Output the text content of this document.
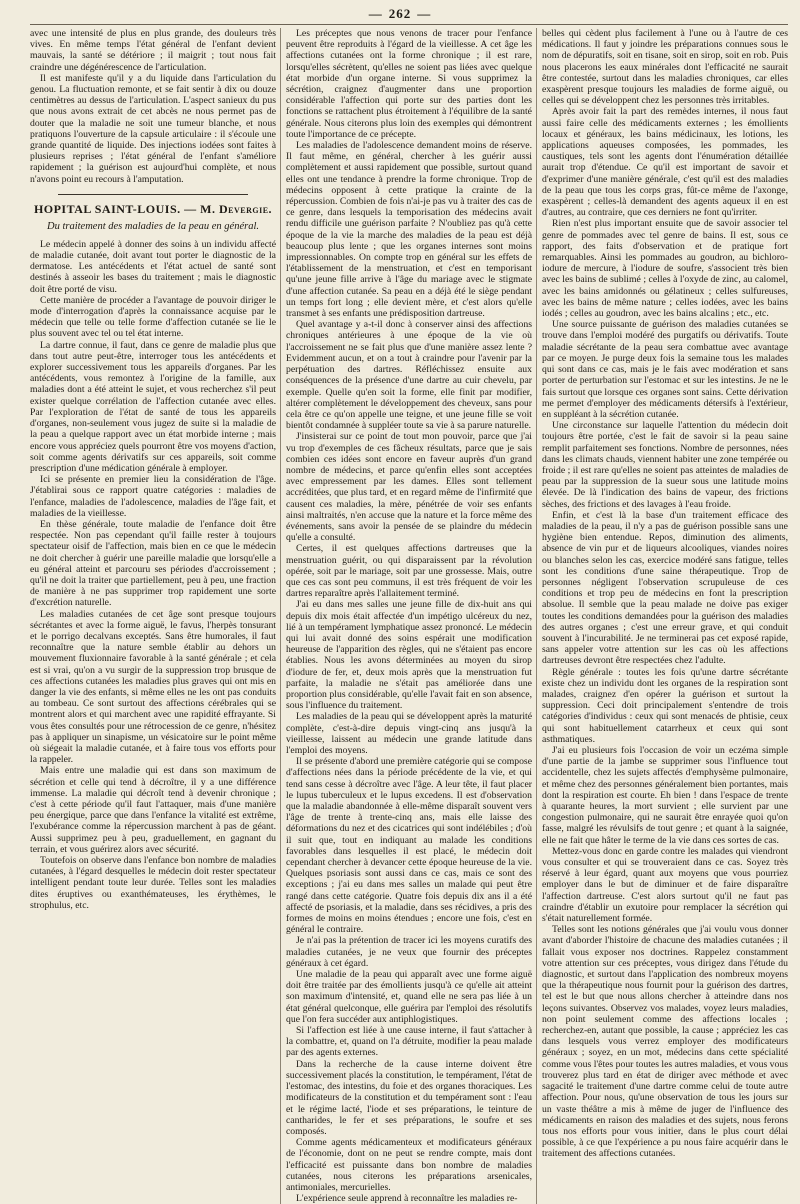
— 262 —

avec une intensité de plus en plus grande, des douleurs très vives. En même temps l'état général de l'enfant devient mauvais, la santé se détériore ; il maigrit ; tout nous fait craindre une dégénérescence de l'articulation.

Il est manifeste qu'il y a du liquide dans l'articulation du genou. La fluctuation remonte, et se fait sentir à dix ou douze centimètres au dessus de l'articulation. L'aspect sanieux du pus que nous avons extrait de cet abcès ne nous permet pas de douter que la maladie ne soit une tumeur blanche, et nous pratiquons l'ouverture de la capsule articulaire : il s'écoule une grande quantité de liquide. Des injections iodées sont faites à plusieurs reprises ; l'état général de l'enfant s'améliore rapidement ; la guérison est aujourd'hui complète, et nous n'avons point eu recours à l'amputation.

HOPITAL SAINT-LOUIS. — M. Devergie.
Du traitement des maladies de la peau en général.

Le médecin appelé à donner des soins à un individu affecté de maladie cutanée, doit avant tout porter le diagnostic de la dermatose. Les antécédents et l'état actuel de santé sont destinés à asseoir les bases du traitement ; mais le diagnostic doit être porté de visu.

Cette manière de procéder a l'avantage de pouvoir diriger le mode d'interrogation d'après la connaissance acquise par le médecin que telle ou telle forme d'affection cutanée se lie le plus souvent avec tel ou tel état interne.

La dartre connue, il faut, dans ce genre de maladie plus que dans tout autre peut-être, interroger tous les antécédents et explorer successivement tous les appareils d'organes. Par les antécédents, vous remontez à l'origine de la famille, aux maladies dont a été atteint le sujet, et vous recherchez s'il peut exister quelque corrélation de l'affection cutanée avec elles. Par l'exploration de l'état de santé de tous les appareils d'organes, non-seulement vous jugez de suite si la maladie de la peau a quelque rapport avec un état morbide interne ; mais encore vous appréciez quels pourront être vos moyens d'action, soit comme agents dérivatifs sur ces appareils, soit comme prescription d'une médication générale à employer.

Ici se présente en premier lieu la considération de l'âge. J'établirai sous ce rapport quatre catégories : maladies de l'enfance, maladies de l'adolescence, maladies de l'âge fait, et maladies de la vieillesse.

En thèse générale, toute maladie de l'enfance doit être respectée. Non pas cependant qu'il faille rester à toujours spectateur oisif de l'affection, mais bien en ce que le médecin ne doit chercher à guérir une pareille maladie que lorsqu'elle a eu général atteint et parcouru ses périodes d'accroissement ; qu'il ne doit la traiter que partiellement, peu à peu, une fraction de manière à ne pas supprimer trop rapidement une sorte d'excrétion naturelle.

Les maladies cutanées de cet âge sont presque toujours sécrétantes et avec la forme aiguë, le favus, l'herpès tonsurant et le porrigo decalvans exceptés. Sans être humorales, il faut reconnaître que la nature semble établir au dehors un mouvement fluxionnaire favorable à la santé générale ; et cela est si vrai, qu'on a vu surgir de la suppression trop brusque de ces affections cutanées les maladies plus graves qui ont mis en danger la vie des enfants, si même elles ne les ont pas conduits au tombeau. Ce sont surtout des affections cérébrales qui se montrent alors et qui marchent avec une rapidité effrayante. Si vous êtes consultés pour une rétrocession de ce genre, n'hésitez pas à appliquer un sinapisme, un vésicatoire sur le point même où siégeait la maladie cutanée, et à faire tous vos efforts pour la rappeler.

Mais entre une maladie qui est dans son maximum de sécrétion et celle qui tend à décroître, il y a une différence immense. La maladie qui décroît tend à devenir chronique ; c'est à cette période qu'il faut l'attaquer, mais d'une manière peu énergique, parce que dans l'enfance la vitalité est extrême, l'exubérance comme la répercussion marchent à pas de géant. Aussi supprimez peu à peu, graduellement, en gagnant du terrain, et vous guérirez alors avec sécurité.

Toutefois on observe dans l'enfance bon nombre de maladies cutanées, à l'égard desquelles le médecin doit rester spectateur intelligent pendant toute leur durée. Telles sont les maladies dites éruptives ou exanthémateuses, les érythèmes, le strophulus, etc.

Les préceptes que nous venons de tracer pour l'enfance peuvent être reproduits à l'égard de la vieillesse. A cet âge les affections cutanées ont la forme chronique ; il est rare, lorsqu'elles sécrètent, qu'elles ne soient pas liées avec quelque état morbide d'un organe interne. Si vous supprimez la sécrétion, craignez d'augmenter dans une proportion considérable l'affection qui porte sur des parties dont les fonctions se rattachent plus étroitement à l'équilibre de la santé générale. Nous citerons plus loin des exemples qui démontrent toute l'importance de ce précepte.

Les maladies de l'adolescence demandent moins de réserve. Il faut même, en général, chercher à les guérir aussi complètement et aussi rapidement que possible, surtout quand elles ont une tendance à prendre la forme chronique. Trop de médecins opposent à cette pratique la crainte de la répercussion. Combien de fois n'ai-je pas vu à traiter des cas de ce genre, dans lesquels la temporisation des médecins avait rendu difficile une guérison parfaite ? N'oubliez pas qu'à cette époque de la vie la marche des maladies de la peau est déjà beaucoup plus lente ; que les organes internes sont moins impressionnables. On compte trop en général sur les effets de l'établissement de la menstruation, et c'est en temporisant qu'une jeune fille arrive à l'âge du mariage avec le stigmate d'une affection cutanée. Sa peau en a déjà été le siège pendant un temps fort long ; elle devient mère, et c'est alors qu'elle transmet à ses enfants une prédisposition dartreuse.

Quel avantage y a-t-il donc à conserver ainsi des affections chroniques antérieures à une époque de la vie où l'accroissement ne se fait plus que d'une manière assez lente ? Evidemment aucun, et on a tout à craindre pour l'avenir par la perpétuation des dartres. Réfléchissez ensuite aux conséquences de la présence d'une dartre au cuir chevelu, par exemple. Quelle qu'en soit la forme, elle finit par modifier, altérer complètement le développement des cheveux, sans pour cela être ce qu'on appelle une teigne, et une jeune fille se voit bientôt condamnée à suppléer toute sa vie à sa parure naturelle.

J'insisterai sur ce point de tout mon pouvoir, parce que j'ai vu trop d'exemples de ces fâcheux résultats, parce que je sais combien ces idées sont encore en faveur auprès d'un grand nombre de médecins, et parce qu'enfin elles sont acceptées avec empressement par les dames. Elles sont tellement accréditées, que plus tard, et en regard même de l'infirmité que causent ces maladies, la mère, pénétrée de voir ses enfants ainsi maltraités, n'en accuse que la nature et la force même des événements, sans avoir la pensée de se plaindre du médecin qu'elle a consulté.

Certes, il est quelques affections dartreuses que la menstruation guérit, ou qui disparaissent par la révolution opérée, soit par le mariage, soit par une grossesse. Mais, outre que ces cas sont peu communs, il est très fréquent de voir les dartres reparaître après l'allaitement terminé.

J'ai eu dans mes salles une jeune fille de dix-huit ans qui depuis dix mois était affectée d'un impétigo ulcéreux du nez, lié à un tempérament lymphatique assez prononcé. Le médecin qui lui avait donné des soins espérait une modification heureuse de l'apparition des règles, qui ne s'étaient pas encore établies. Nous les avons déterminées au moyen du sirop d'iodure de fer, et, deux mois après que la menstruation fut parfaite, la maladie ne s'était pas améliorée dans une proportion plus considérable, qu'elle l'avait fait en son absence, sous l'influence du traitement.

Les maladies de la peau qui se développent après la maturité complète, c'est-à-dire depuis vingt-cinq ans jusqu'à la vieillesse, laissent au médecin une grande latitude dans l'emploi des moyens.

Il se présente d'abord une première catégorie qui se compose d'affections nées dans la période précédente de la vie, et qui tend sans cesse à décroître avec l'âge. A leur tête, il faut placer le lupus tuberculeux et le lupus excedens. Il est d'observation que la maladie abandonnée à elle-même disparaît souvent vers l'âge de trente à trente-cinq ans, mais elle laisse des déformations du nez et des cicatrices qui sont indélébiles ; d'où il suit que, tout en indiquant au malade les conditions favorables dans lesquelles il est placé, le médecin doit cependant chercher à devancer cette époque heureuse de la vie. Quelques psoriasis sont aussi dans ce cas, mais ce sont des exceptions ; j'ai eu dans mes salles un malade qui peut être rangé dans cette catégorie. Quatre fois depuis dix ans il a été affecté de psoriasis, et la maladie, dans ses récidives, a pris des formes de moins en moins étendues ; encore une fois, c'est en général le contraire.

Je n'ai pas la prétention de tracer ici les moyens curatifs des maladies cutanées, je ne veux que fournir des préceptes généraux à cet égard.

Une maladie de la peau qui apparaît avec une forme aiguë doit être traitée par des émollients jusqu'à ce qu'elle ait atteint son maximum d'intensité, et, quand elle ne sera pas liée à un état général quelconque, elle guérira par l'emploi des résolutifs que l'on fera succéder aux antiphlogistiques.

Si l'affection est liée à une cause interne, il faut s'attacher à la combattre, et, quand on l'a détruite, modifier la peau malade par des agents externes.

Dans la recherche de la cause interne doivent être successivement placés la constitution, le tempérament, l'état de l'estomac, des intestins, du foie et des organes thoraciques. Les modificateurs de la constitution et du tempérament sont : l'eau et le régime lacté, l'iode et ses préparations, le teinture de cantharides, le fer et ses préparations, le soufre et ses composés.

Comme agents médicamenteux et modificateurs généraux de l'économie, dont on ne peut se rendre compte, mais dont l'efficacité est puissante dans bon nombre de maladies cutanées, nous citerons les préparations arsenicales, antimoniales, mercurielles.

L'expérience seule apprend à reconnaître les maladies re-

belles qui cèdent plus facilement à l'une ou à l'autre de ces médications. Il faut y joindre les préparations connues sous le nom de dépuratifs, soit en tisane, soit en sirop, soit en rob. Puis nous placerons les eaux minérales dont l'efficacité ne saurait être contestée, surtout dans les maladies chroniques, car elles exaspèrent presque toujours les maladies de forme aiguë, ou celles qui se développent chez les personnes très irritables.

Après avoir fait la part des remèdes internes, il nous faut aussi faire celle des médicaments externes ; les émollients locaux et généraux, les bains médicinaux, les lotions, les applications aqueuses composées, les pommades, les caustiques, tels sont les agents dont l'énumération détaillée aurait trop d'étendue. Ce qu'il est important de savoir et d'exprimer d'une manière générale, c'est qu'il est des maladies de la peau que tous les corps gras, fût-ce même de l'axonge, exaspèrent ; celles-là demandent des agents aqueux il en est d'autres, au contraire, que ces derniers ne font qu'irriter.

Rien n'est plus important ensuite que de savoir associer tel genre de pommades avec tel genre de bains. Il est, sous ce rapport, des faits d'observation et de pratique fort remarquables. Ainsi les pommades au goudron, au bichloro-iodure de mercure, à l'iodure de soufre, s'associent très bien avec les bains de sublimé ; celles à l'oxyde de zinc, au calomel, avec les bains amidonnés ou gélatineux ; celles sulfureuses, avec les bains de même nature ; celles iodées, avec les bains iodés ; celles au goudron, avec les bains alcalins ; etc., etc.

Une source puissante de guérison des maladies cutanées se trouve dans l'emploi modéré des purgatifs ou dérivatifs. Toute maladie sécrétante de la peau sera combattue avec avantage par ce moyen. Je purge deux fois la semaine tous les malades qui sont dans ce cas, mais je le fais avec modération et sans porter de perturbation sur l'estomac et sur les intestins. Je ne le fais surtout que lorsque ces organes sont sains. Cette dérivation me permet d'employer des médicaments détersifs à l'extérieur, en suppléant à la sécrétion cutanée.

Une circonstance sur laquelle l'attention du médecin doit toujours être portée, c'est le fait de savoir si la peau saine remplit parfaitement ses fonctions. Nombre de personnes, nées dans les climats chauds, viennent habiter une zone tempérée ou froide ; il est rare qu'elles ne soient pas atteintes de maladies de peau par la suppression de la sueur sous une latitude moins élevée. De là l'indication des bains de vapeur, des frictions sèches, des frictions et des lavages à l'eau froide.

Enfin, et c'est là la base d'un traitement efficace des maladies de la peau, il n'y a pas de guérison possible sans une hygiène bien entendue. Repos, diminution des aliments, absence de vin pur et de liqueurs alcooliques, viandes noires ou blanches selon les cas, exercice modéré sans fatigue, telles sont les conditions d'une saine thérapeutique. Trop de personnes négligent l'observation scrupuleuse de ces conditions et trop peu de médecins en font la prescription absolue. Il semble que la peau malade ne doive pas exiger toutes les conditions demandées pour la guérison des maladies des autres organes ; c'est une erreur grave, et qui conduit souvent à l'incurabilité. Je ne terminerai pas cet exposé rapide, sans appeler votre attention sur les cas où les affections dartreuses devront être respectées chez l'adulte.

Règle générale : toutes les fois qu'une dartre sécrétante existe chez un individu dont les organes de la respiration sont malades, craignez d'en opérer la guérison et surtout la suppression. Ceci doit principalement s'entendre de trois catégories d'individus : ceux qui sont menacés de phtisie, ceux qui sont habituellement catarrheux et ceux qui sont asthmatiques.

J'ai eu plusieurs fois l'occasion de voir un eczéma simple d'une partie de la jambe se supprimer sous l'influence tout accidentelle, chez les sujets affectés d'emphysème pulmonaire, et même chez des personnes généralement bien portantes, mais dont la respiration est courte. Eh bien ! dans l'espace de trente à quarante heures, la mort survient ; elle survient par une congestion pulmonaire, qui ne saurait être enrayée quoi qu'on fasse, malgré les révulsifs de tout genre ; et quant à la saignée, elle ne fait que hâter le terme de la vie dans ces sortes de cas.

Mettez-vous donc en garde contre les malades qui viendront vous consulter et qui se trouveraient dans ce cas. Soyez très réservé à leur égard, quant aux moyens que vous pourriez employer dans le but de diminuer et de faire disparaître l'affection dartreuse. C'est alors surtout qu'il ne faut pas craindre d'établir un exutoire pour remplacer la sécrétion qui s'était naturellement formée.

Telles sont les notions générales que j'ai voulu vous donner avant d'aborder l'histoire de chacune des maladies cutanées ; il fallait vous exposer nos doctrines. Rappelez constamment votre attention sur ces préceptes, vous dirigez dans l'étude du diagnostic, et surtout dans l'application des nombreux moyens que la thérapeutique nous fournit pour la guérison des dartres, tel est le but que nous allons chercher à atteindre dans nos leçons suivantes. Observez vos malades, voyez leurs maladies, non point seulement comme des affections locales ; recherchez-en, autant que possible, la cause ; appréciez les cas dans lesquels vous verrez employer des modificateurs généraux ; soyez, en un mot, médecins dans cette spécialité comme vous l'êtes pour toutes les autres maladies, et vous vous trouverez plus tard en état de diriger avec méthode et avec sagacité le traitement d'une dartre comme celui de toute autre affection. Pour nous, qu'une observation de tous les jours sur un vaste théâtre a mis à même de juger de l'influence des médicaments en raison des maladies et des sujets, nous ferons tous nos efforts pour vous initier, dans le plus court délai possible, à ce que l'expérience a pu nous faire acquérir dans le traitement des affections cutanées.
